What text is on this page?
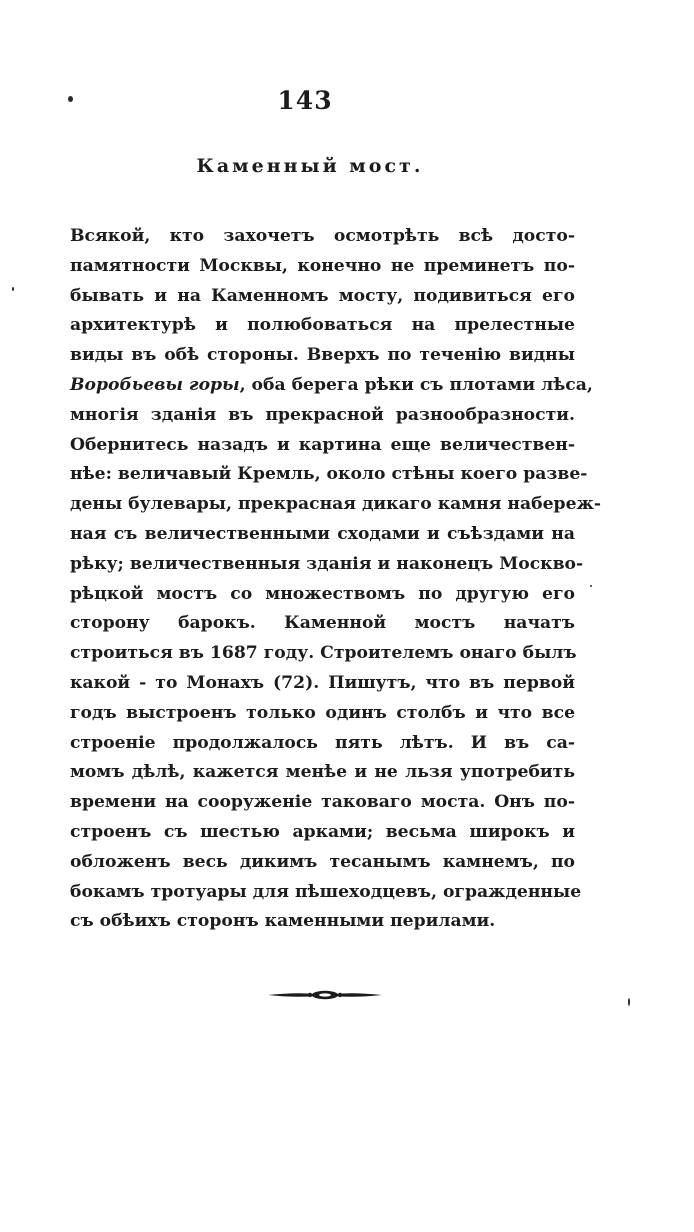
143
Каменный мост.
Всякой, кто захочетъ осмотрѣть всѣ досто-
памятности Москвы, конечно не преминетъ по-
бывать и на Каменномъ мосту, подивиться его
архитектурѣ и полюбоваться на прелестные
виды въ обѣ стороны. Вверхъ по теченію видны
Воробьевы горы, оба берега рѣки съ плотами лѣса,
многія зданія въ прекрасной разнообразности.
Обернитесь назадъ и картина еще величествен-
нѣе: величавый Кремль, около стѣны коего разве-
дены булевары, прекрасная дикаго камня набереж-
ная съ величественными сходами и съѣздами на
рѣку; величественныя зданія и наконецъ Москво-
рѣцкой мостъ со множествомъ по другую его
сторону барокъ. Каменной мостъ начатъ
строиться въ 1687 году. Строителемъ онаго былъ
какой - то Монахъ (72). Пишутъ, что въ первой
годъ выстроенъ только одинъ столбъ и что все
строеніе продолжалось пять лѣтъ. И въ са-
момъ дѣлѣ, кажется менѣе и не льзя употребить
времени на сооруженіе таковаго моста. Онъ по-
строенъ съ шестью арками; весьма широкъ и
обложенъ весь дикимъ тесанымъ камнемъ, по
бокамъ тротуары для пѣшеходцевъ, огражденные
съ обѣихъ сторонъ каменными перилами.
